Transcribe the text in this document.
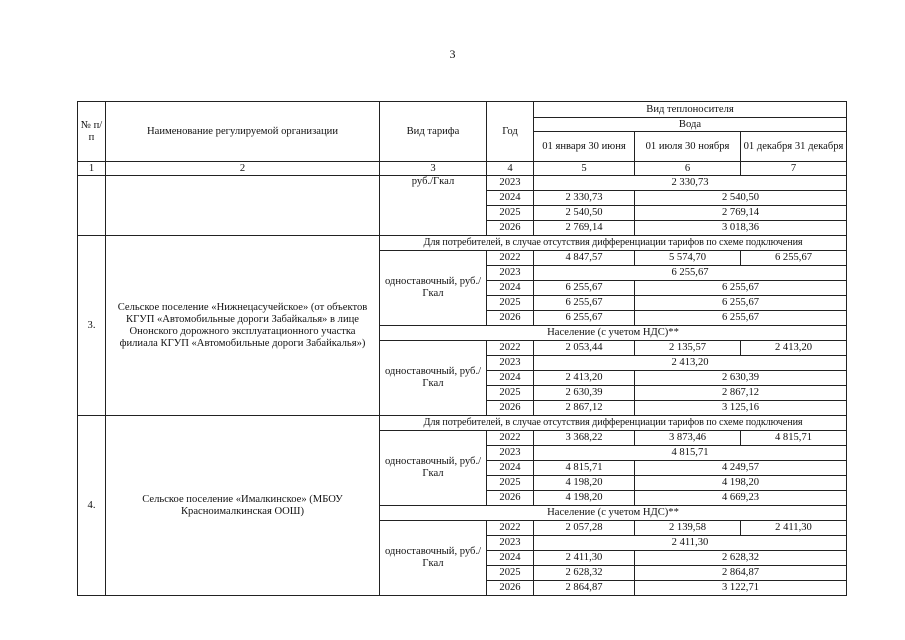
3
№ п/п	Наименование регулируемой организации	Вид тарифа	Год	Вид теплоносителя		
				Вода		
				01 января 30 июня	01 июля 30 ноября	01 декабря 31 декабря

1	2	3	4	5	6	7
		руб./Гкал	2023	2 330,73		
			2024	2 330,73	2 540,50	
			2025	2 540,50	2 769,14	
			2026	2 769,14	3 018,36	
3.	Сельское поселение «Нижнецасучейское» (от объектов КГУП «Автомобильные дороги Забайкалья» в лице Ононского дорожного эксплуатационного участка филиала КГУП «Автомобильные дороги Забайкалья»)	Для потребителей, в случае отсутствия дифференциации тарифов по схеме подключения				
		одноставочный, руб./Гкал	2022	4 847,57	5 574,70	6 255,67
			2023	6 255,67		
			2024	6 255,67	6 255,67	
			2025	6 255,67	6 255,67	
			2026	6 255,67	6 255,67	
		Население (с учетом НДС)**				
		одноставочный, руб./Гкал	2022	2 053,44	2 135,57	2 413,20
			2023	2 413,20		
			2024	2 413,20	2 630,39	
			2025	2 630,39	2 867,12	
			2026	2 867,12	3 125,16	
4.	Сельское поселение «Ималкинское» (МБОУ Красноималкинская ООШ)	Для потребителей, в случае отсутствия дифференциации тарифов по схеме подключения				
		одноставочный, руб./Гкал	2022	3 368,22	3 873,46	4 815,71
			2023	4 815,71		
			2024	4 815,71	4 249,57	
			2025	4 198,20	4 198,20	
			2026	4 198,20	4 669,23	
		Население (с учетом НДС)**				
		одноставочный, руб./Гкал	2022	2 057,28	2 139,58	2 411,30
			2023	2 411,30		
			2024	2 411,30	2 628,32	
			2025	2 628,32	2 864,87	
			2026	2 864,87	3 122,71	
